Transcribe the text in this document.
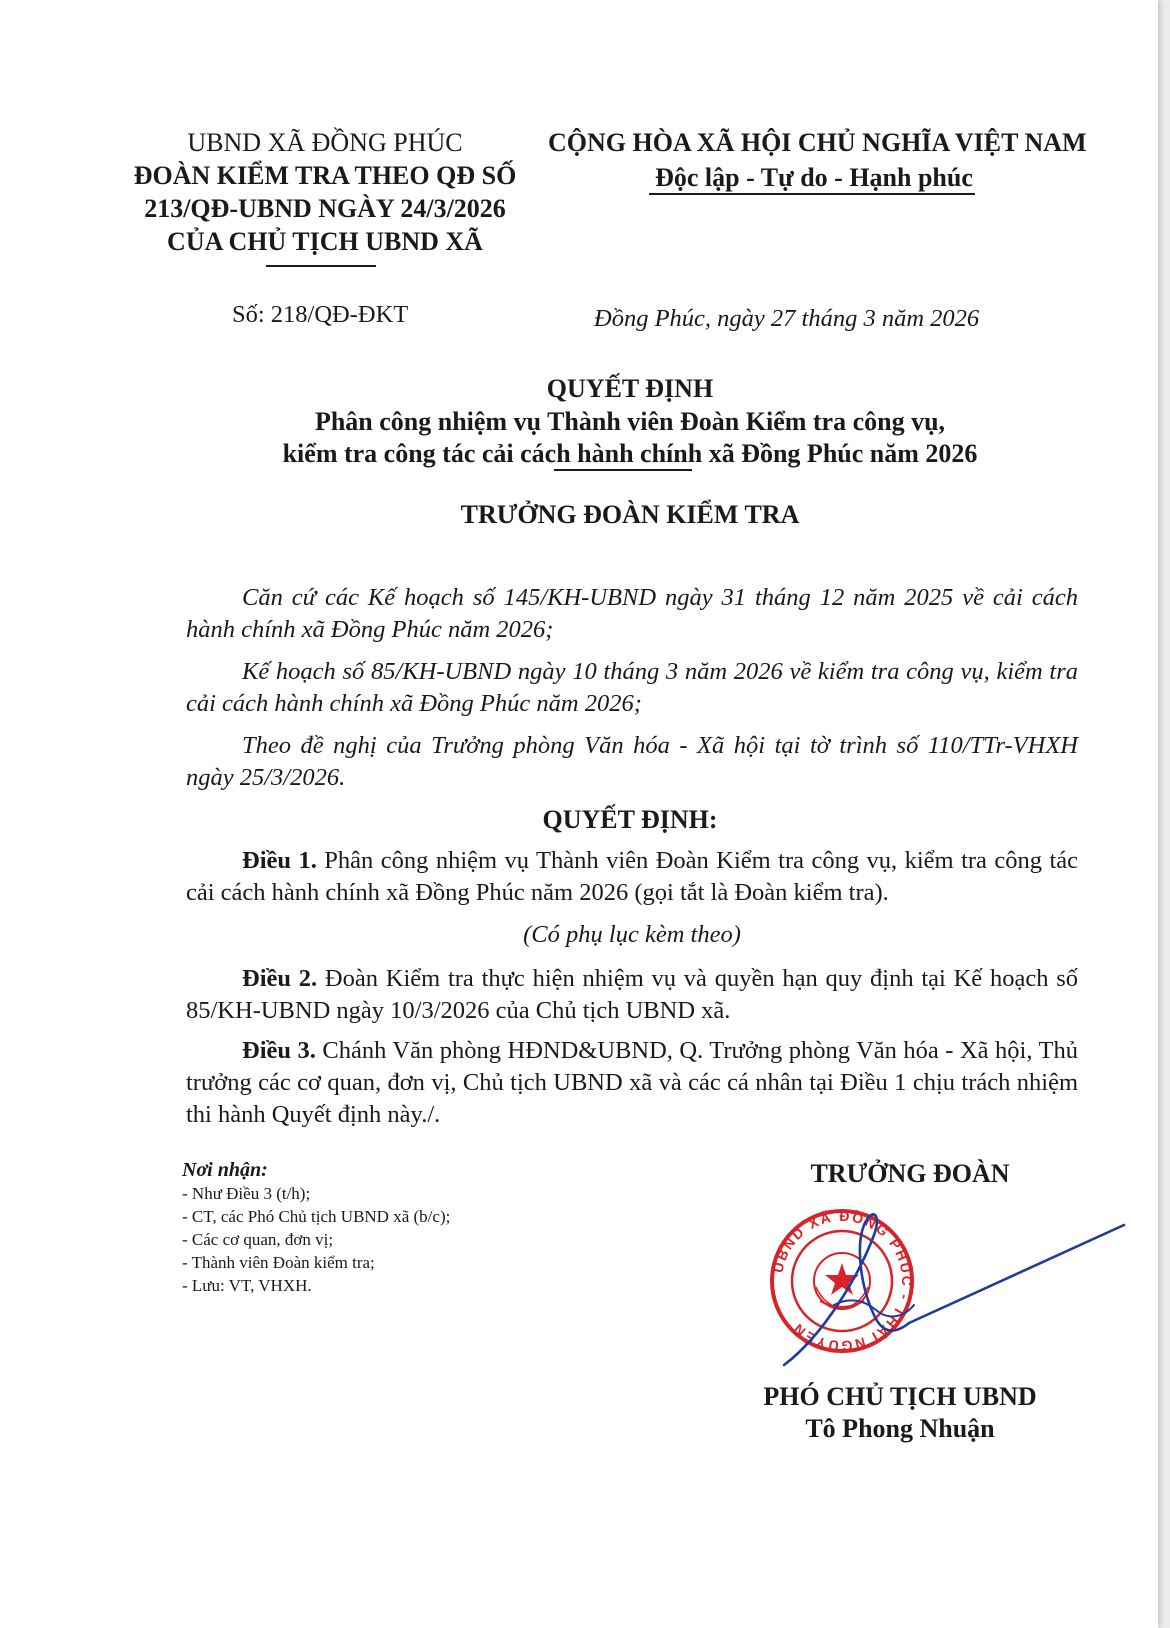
UBND XÃ ĐỒNG PHÚC
ĐOÀN KIỂM TRA THEO QĐ SỐ
213/QĐ-UBND NGÀY 24/3/2026
CỦA CHỦ TỊCH UBND XÃ
CỘNG HÒA XÃ HỘI CHỦ NGHĨA VIỆT NAM
Độc lập - Tự do - Hạnh phúc
Số: 218/QĐ-ĐKT	Đồng Phúc, ngày 27 tháng 3 năm 2026
QUYẾT ĐỊNH
Phân công nhiệm vụ Thành viên Đoàn Kiểm tra công vụ,
kiểm tra công tác cải cách hành chính xã Đồng Phúc năm 2026
TRƯỞNG ĐOÀN KIỂM TRA
Căn cứ các Kế hoạch số 145/KH-UBND ngày 31 tháng 12 năm 2025 về cải cách hành chính xã Đồng Phúc năm 2026;
Kế hoạch số 85/KH-UBND ngày 10 tháng 3 năm 2026 về kiểm tra công vụ, kiểm tra cải cách hành chính xã Đồng Phúc năm 2026;
Theo đề nghị của Trưởng phòng Văn hóa - Xã hội tại tờ trình số 110/TTr-VHXH ngày 25/3/2026.
QUYẾT ĐỊNH:
Điều 1. Phân công nhiệm vụ Thành viên Đoàn Kiểm tra công vụ, kiểm tra công tác cải cách hành chính xã Đồng Phúc năm 2026 (gọi tắt là Đoàn kiểm tra).
(Có phụ lục kèm theo)
Điều 2. Đoàn Kiểm tra thực hiện nhiệm vụ và quyền hạn quy định tại Kế hoạch số 85/KH-UBND ngày 10/3/2026 của Chủ tịch UBND xã.
Điều 3. Chánh Văn phòng HĐND&UBND, Q. Trưởng phòng Văn hóa - Xã hội, Thủ trưởng các cơ quan, đơn vị, Chủ tịch UBND xã và các cá nhân tại Điều 1 chịu trách nhiệm thi hành Quyết định này./.
Nơi nhận:
- Như Điều 3 (t/h);
- CT, các Phó Chủ tịch UBND xã (b/c);
- Các cơ quan, đơn vị;
- Thành viên Đoàn kiểm tra;
- Lưu: VT, VHXH.
TRƯỞNG ĐOÀN
UBND XÃ ĐỒNG PHÚC - THÁI NGUYÊN
PHÓ CHỦ TỊCH UBND
Tô Phong Nhuận
